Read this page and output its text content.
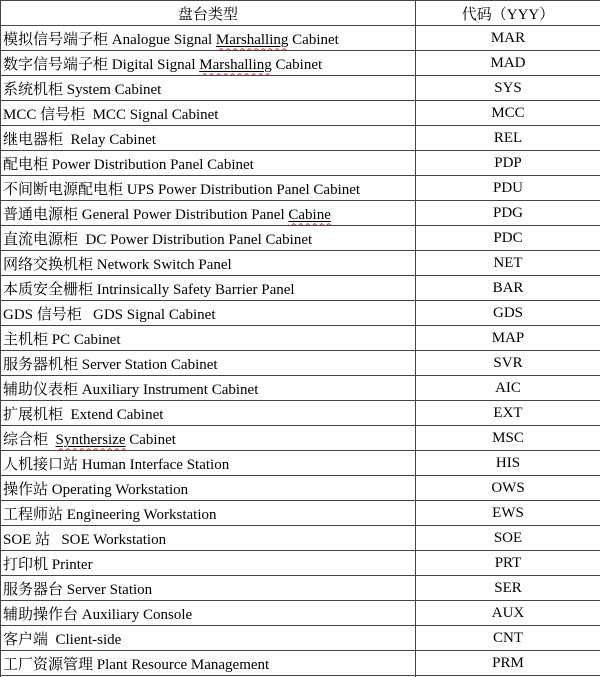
盘台类型	代码（YYY）
模拟信号端子柜 Analogue Signal Marshalling Cabinet	MAR
数字信号端子柜 Digital Signal Marshalling Cabinet	MAD
系统机柜 System Cabinet	SYS
MCC 信号柜  MCC Signal Cabinet	MCC
继电器柜  Relay Cabinet	REL
配电柜 Power Distribution Panel Cabinet	PDP
不间断电源配电柜 UPS Power Distribution Panel Cabinet	PDU
普通电源柜 General Power Distribution Panel Cabine	PDG
直流电源柜  DC Power Distribution Panel Cabinet	PDC
网络交换机柜 Network Switch Panel	NET
本质安全栅柜 Intrinsically Safety Barrier Panel	BAR
GDS 信号柜   GDS Signal Cabinet	GDS
主机柜 PC Cabinet	MAP
服务器机柜 Server Station Cabinet	SVR
辅助仪表柜 Auxiliary Instrument Cabinet	AIC
扩展机柜  Extend Cabinet	EXT
综合柜  Synthersize Cabinet	MSC
人机接口站 Human Interface Station	HIS
操作站 Operating Workstation	OWS
工程师站 Engineering Workstation	EWS
SOE 站   SOE Workstation	SOE
打印机 Printer	PRT
服务器台 Server Station	SER
辅助操作台 Auxiliary Console	AUX
客户端  Client-side	CNT
工厂资源管理 Plant Resource Management	PRM
